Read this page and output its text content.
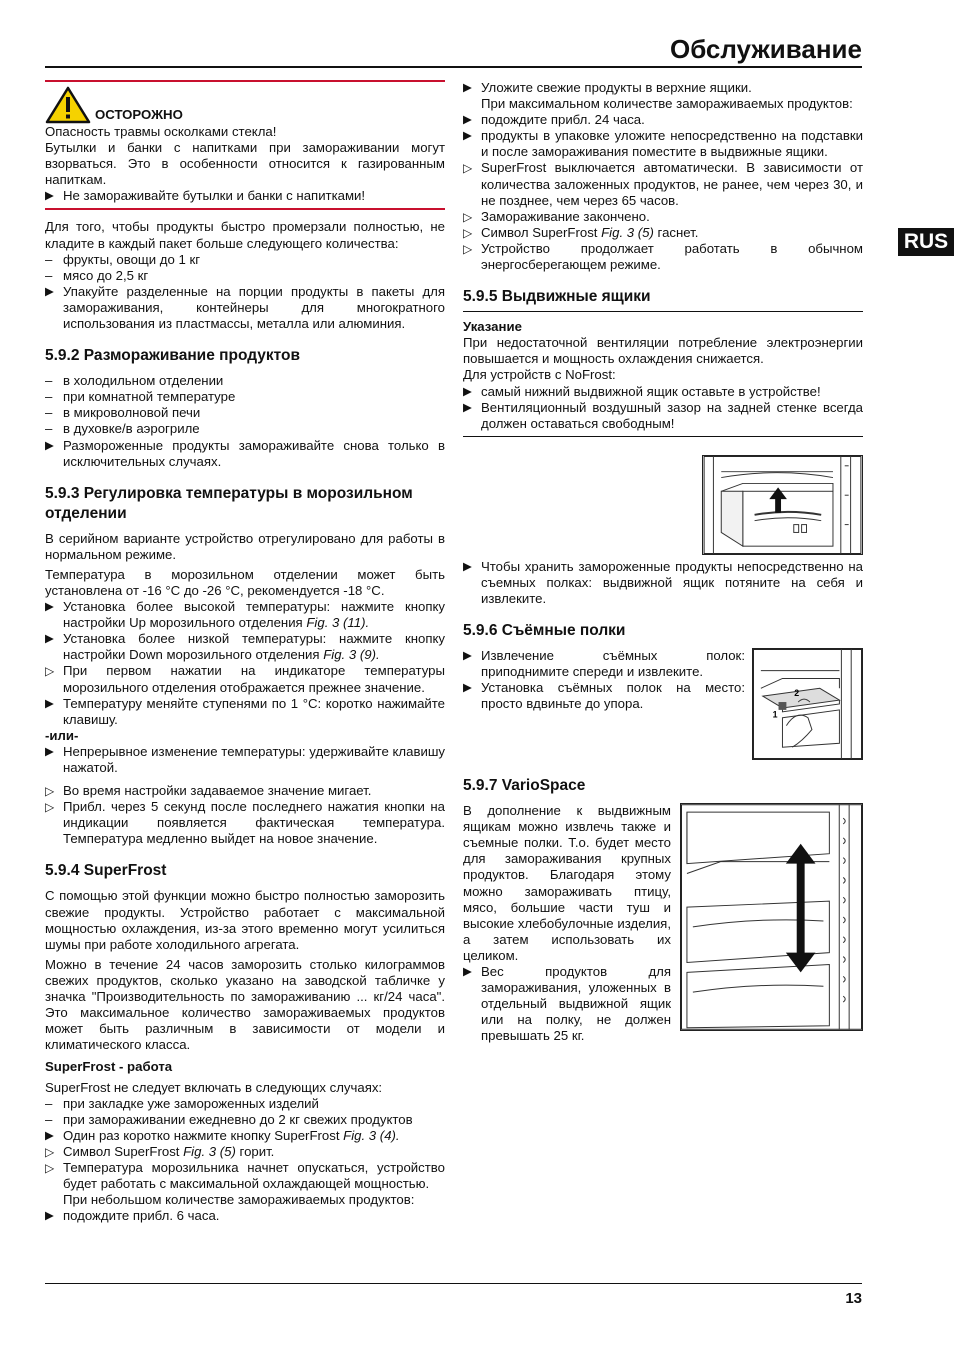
Обслуживание
RUS
ОСТОРОЖНО

Опасность травмы осколками стекла!

Бутылки и банки с напитками при замораживании могут взорваться. Это в особенности относится к газированным напиткам.

▶ Не замораживайте бутылки и банки с напитками!

Для того, чтобы продукты быстро промерзали полностью, не кладите в каждый пакет больше следующего количества:

– фрукты, овощи до 1 кг
– мясо до 2,5 кг
▶ Упакуйте разделенные на порции продукты в пакеты для замораживания, контейнеры для многократного использования из пластмассы, металла или алюминия.
5.9.2 Размораживание продуктов
– в холодильном отделении
– при комнатной температуре
– в микроволновой печи
– в духовке/в аэрогриле
▶ Размороженные продукты замораживайте снова только в исключительных случаях.
5.9.3 Регулировка температуры в морозильном отделении

В серийном варианте устройство отрегулировано для работы в нормальном режиме.

Температура в морозильном отделении может быть установлена от -16 °C до -26 °C, рекомендуется -18 °C.

▶ Установка более высокой температуры: нажмите кнопку настройки Up морозильного отделения Fig. 3 (11).
▶ Установка более низкой температуры: нажмите кнопку настройки Down морозильного отделения Fig. 3 (9).
▷ При первом нажатии на индикаторе температуры морозильного отделения отображается прежнее значение.
▶ Температуру меняйте ступенями по 1 °C: коротко нажимайте клавишу.

-или-

▶ Непрерывное изменение температуры: удерживайте клавишу нажатой.
▷ Во время настройки задаваемое значение мигает.
▷ Прибл. через 5 секунд после последнего нажатия кнопки на индикации появляется фактическая температура. Температура медленно выйдет на новое значение.
5.9.4 SuperFrost

С помощью этой функции можно быстро полностью заморозить свежие продукты. Устройство работает с максимальной мощностью охлаждения, из-за этого временно могут усилиться шумы при работе холодильного агрегата.

Можно в течение 24 часов заморозить столько килограммов свежих продуктов, сколько указано на заводской табличке у значка "Производительность по замораживанию ... кг/24 часа". Это максимальное количество замораживаемых продуктов может быть различным в зависимости от модели и климатического класса.

SuperFrost - работа

SuperFrost не следует включать в следующих случаях:

– при закладке уже замороженных изделий
– при замораживании ежедневно до 2 кг свежих продуктов
▶ Один раз коротко нажмите кнопку SuperFrost Fig. 3 (4).
▷ Символ SuperFrost Fig. 3 (5) горит.
▷ Температура морозильника начнет опускаться, устройство будет работать с максимальной охлаждающей мощностью.

При небольшом количестве замораживаемых продуктов:

▶ подождите прибл. 6 часа.
▶ Уложите свежие продукты в верхние ящики.

При максимальном количестве замораживаемых продуктов:

▶ подождите прибл. 24 часа.
▶ продукты в упаковке уложите непосредственно на подставки и после замораживания поместите в выдвижные ящики.
▷ SuperFrost выключается автоматически. В зависимости от количества заложенных продуктов, не ранее, чем через 30, и не позднее, чем через 65 часов.
▷ Замораживание закончено.
▷ Символ SuperFrost Fig. 3 (5) гаснет.
▷ Устройство продолжает работать в обычном энергосберегающем режиме.
5.9.5 Выдвижные ящики

Указание

При недостаточной вентиляции потребление электроэнергии повышается и мощность охлаждения снижается.

Для устройств с NoFrost:

▶ самый нижний выдвижной ящик оставьте в устройстве!
▶ Вентиляционный воздушный зазор на задней стенке всегда должен оставаться свободным!
▶ Чтобы хранить замороженные продукты непосредственно на съемных полках: выдвижной ящик потяните на себя и извлеките.
5.9.6 Съёмные полки
▶ Извлечение съёмных полок: приподнимите спереди и извлеките.
▶ Установка съёмных полок на место: просто вдвиньте до упора.
1
2
5.9.7 VarioSpace

В дополнение к выдвижным ящикам можно извлечь также и съемные полки. Т.о. будет место для замораживания крупных продуктов. Благодаря этому можно замораживать птицу, мясо, большие части туш и высокие хлебобулочные изделия, а затем использовать их целиком.

▶ Вес продуктов для замораживания, уложенных в отдельный выдвижной ящик или на полку, не должен превышать 25 кг.
13
